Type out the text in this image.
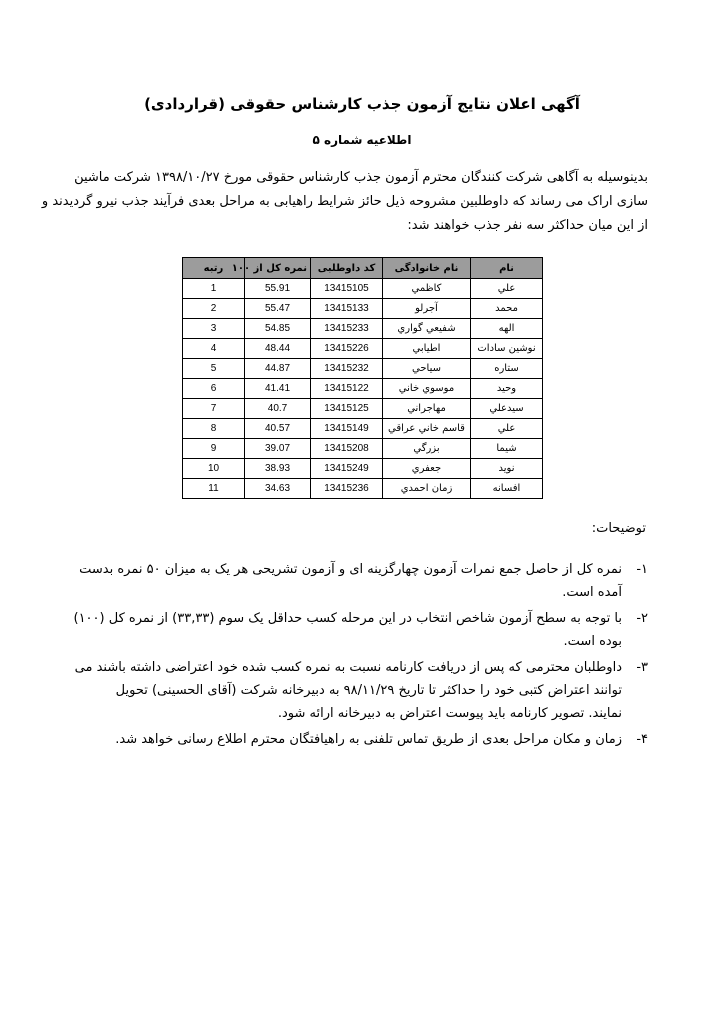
آگهی اعلان نتایج آزمون جذب کارشناس حقوقی (قراردادی)
اطلاعیه شماره ۵

بدینوسیله به آگاهی شرکت کنندگان محترم آزمون جذب کارشناس حقوقی مورخ ۱۳۹۸/۱۰/۲۷ شرکت ماشین
سازی اراک می رساند که داوطلبین مشروحه ذیل حائز شرایط راهیابی به مراحل بعدی فرآیند جذب نیرو گردیدند و
از این میان حداکثر سه نفر جذب خواهند شد:

نام	نام خانوادگی	کد داوطلبی	نمره کل از ۱۰۰	رتبه
علي	كاظمي	13415105	55.91	1
محمد	آجرلو	13415133	55.47	2
الهه	شفيعي گواري	13415233	54.85	3
نوشين سادات	اطيابي	13415226	48.44	4
ستاره	سياحي	13415232	44.87	5
وحيد	موسوي خاني	13415122	41.41	6
سيدعلي	مهاجراني	13415125	40.7	7
علي	قاسم خاني عراقي	13415149	40.57	8
شيما	بزرگي	13415208	39.07	9
نويد	جعفري	13415249	38.93	10
افسانه	زمان احمدي	13415236	34.63	11
توضیحات:
۱-
نمره کل از حاصل جمع نمرات آزمون چهارگزینه ای و آزمون تشریحی هر یک به میزان ۵۰ نمره بدست
آمده است.
۲-
با توجه به سطح آزمون شاخص انتخاب در این مرحله کسب حداقل یک سوم (۳۳,۳۳) از نمره کل (۱۰۰)
بوده است.
۳-
داوطلبان محترمی که پس از دریافت کارنامه نسبت به نمره کسب شده خود اعتراضی داشته باشند می
توانند اعتراض کتبی خود را حداکثر تا تاریخ ۹۸/۱۱/۲۹ به دبیرخانه شرکت (آقای الحسینی) تحویل
نمایند. تصویر کارنامه باید پیوست اعتراض به دبیرخانه ارائه شود.
۴-
زمان و مکان مراحل بعدی از طریق تماس تلفنی به راهیافتگان محترم اطلاع رسانی خواهد شد.
